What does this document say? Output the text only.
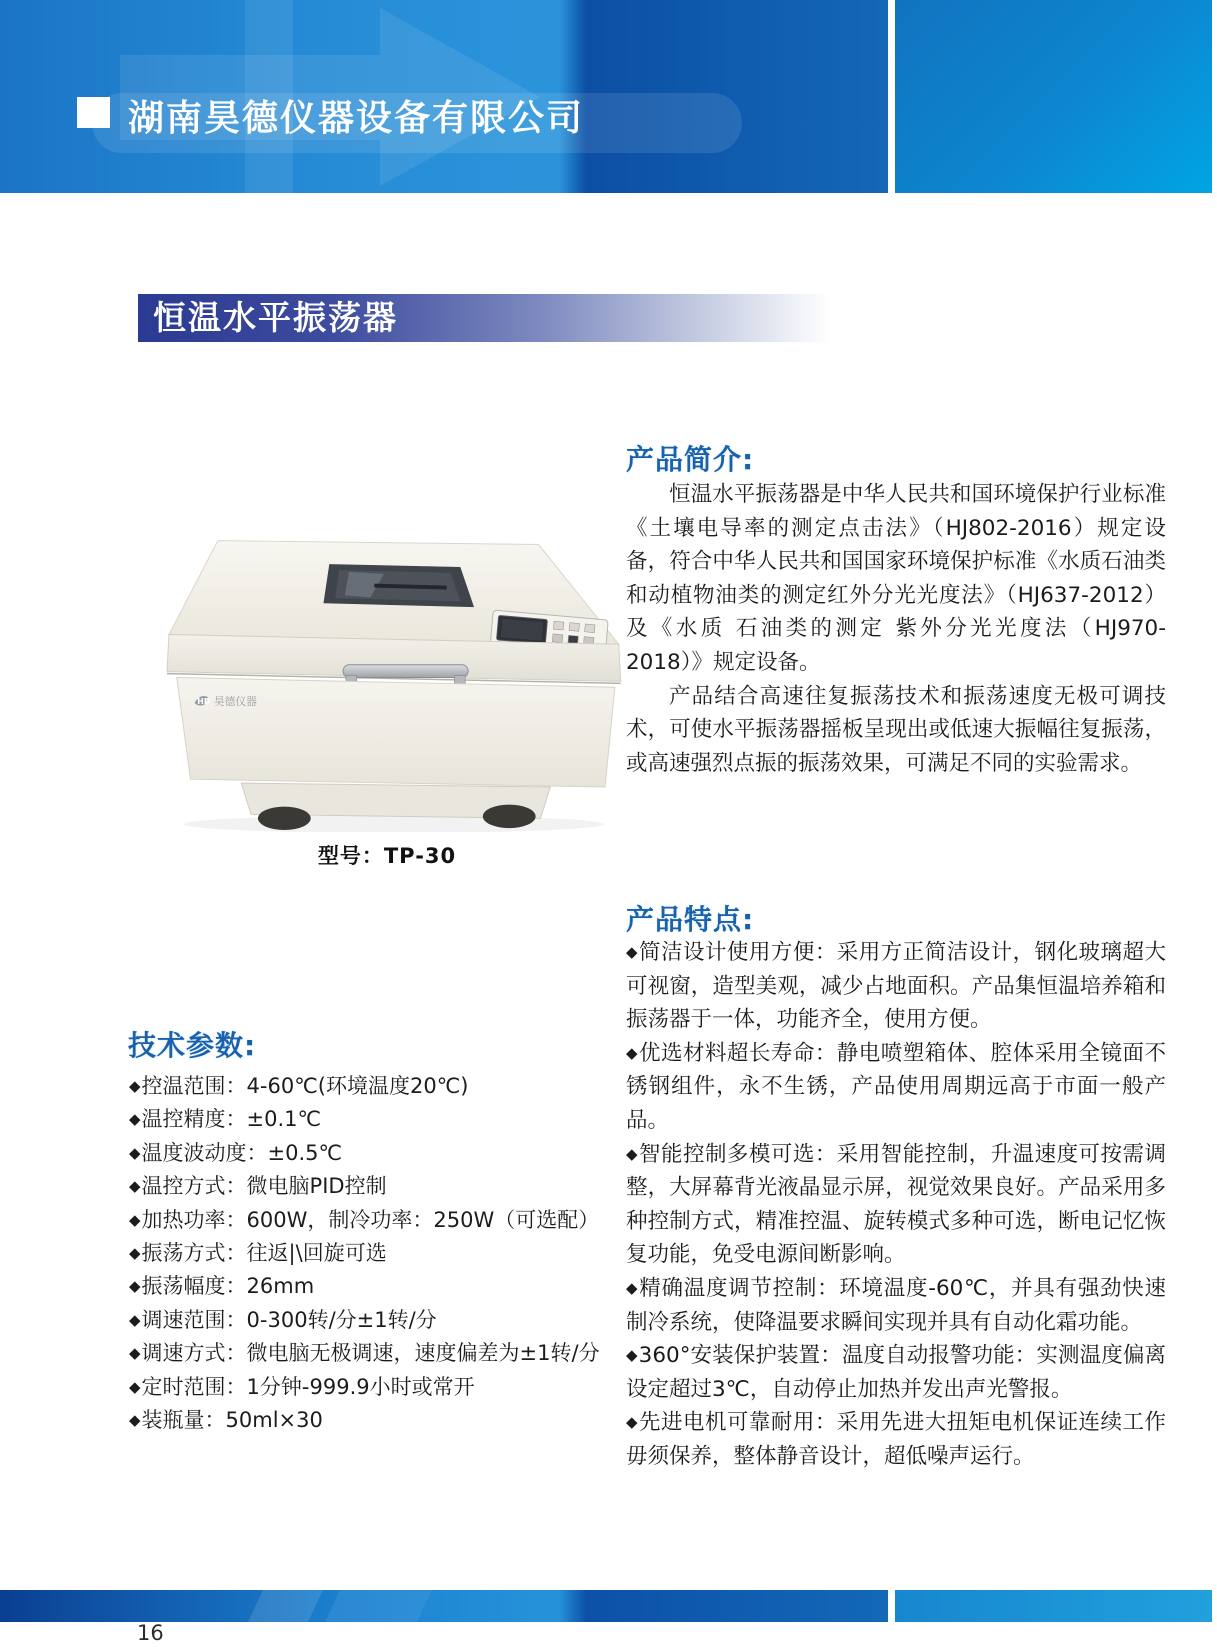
湖南昊德仪器设备有限公司
恒温水平振荡器
HD 昊德仪器
型号：TP-30
产品简介:

恒温水平振荡器是中华人民共和国环境保护行业标准《土壤电导率的测定点击法》（HJ802-2016）规定设备，符合中华人民共和国国家环境保护标准《水质石油类和动植物油类的测定红外分光光度法》（HJ637-2012）及《水质 石油类的测定 紫外分光光度法（HJ970-2018）》规定设备。

产品结合高速往复振荡技术和振荡速度无极可调技术，可使水平振荡器摇板呈现出或低速大振幅往复振荡，或高速强烈点振的振荡效果，可满足不同的实验需求。

技术参数:
◆控温范围：4-60℃(环境温度20℃)
◆温控精度：±0.1℃
◆温度波动度：±0.5℃
◆温控方式：微电脑PID控制
◆加热功率：600W，制冷功率：250W（可选配）
◆振荡方式：往返|\回旋可选
◆振荡幅度：26mm
◆调速范围：0-300转/分±1转/分
◆调速方式：微电脑无极调速，速度偏差为±1转/分
◆定时范围：1分钟-999.9小时或常开
◆装瓶量：50ml×30
产品特点:
◆简洁设计使用方便：采用方正简洁设计，钢化玻璃超大可视窗，造型美观，减少占地面积。产品集恒温培养箱和振荡器于一体，功能齐全，使用方便。
◆优选材料超长寿命：静电喷塑箱体、腔体采用全镜面不锈钢组件，永不生锈，产品使用周期远高于市面一般产品。
◆智能控制多模可选：采用智能控制，升温速度可按需调整，大屏幕背光液晶显示屏，视觉效果良好。产品采用多种控制方式，精准控温、旋转模式多种可选，断电记忆恢复功能，免受电源间断影响。
◆精确温度调节控制：环境温度-60℃，并具有强劲快速制冷系统，使降温要求瞬间实现并具有自动化霜功能。
◆360°安装保护装置：温度自动报警功能：实测温度偏离设定超过3℃，自动停止加热并发出声光警报。
◆先进电机可靠耐用：采用先进大扭矩电机保证连续工作毋须保养，整体静音设计，超低噪声运行。
16
